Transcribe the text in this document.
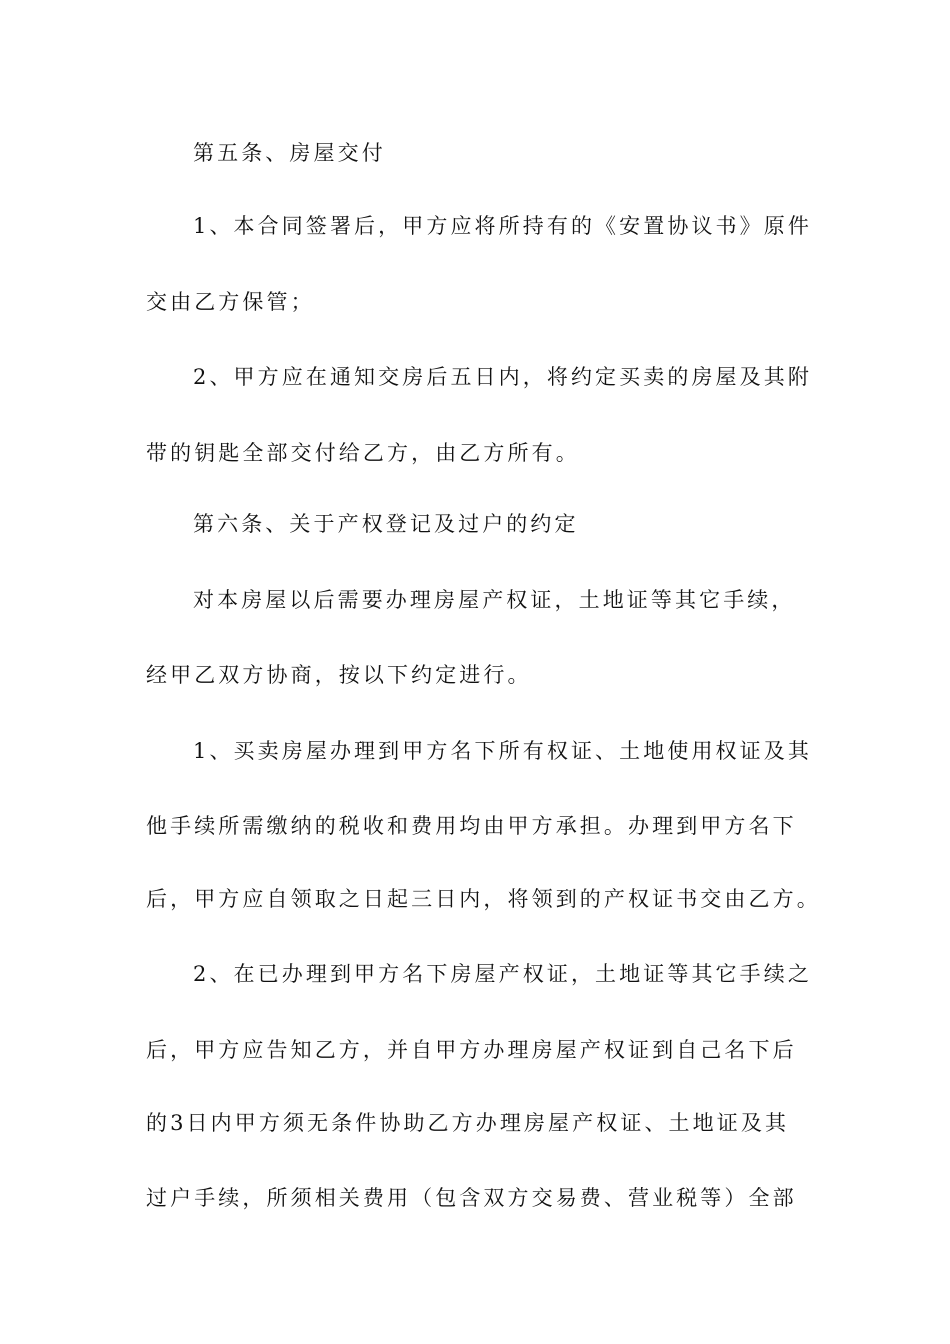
第五条、房屋交付
1、本合同签署后，甲方应将所持有的《安置协议书》原件
交由乙方保管；
2、甲方应在通知交房后五日内，将约定买卖的房屋及其附
带的钥匙全部交付给乙方，由乙方所有。
第六条、关于产权登记及过户的约定
对本房屋以后需要办理房屋产权证，土地证等其它手续，
经甲乙双方协商，按以下约定进行。
1、买卖房屋办理到甲方名下所有权证、土地使用权证及其
他手续所需缴纳的税收和费用均由甲方承担。办理到甲方名下
后，甲方应自领取之日起三日内，将领到的产权证书交由乙方。
2、在已办理到甲方名下房屋产权证，土地证等其它手续之
后，甲方应告知乙方，并自甲方办理房屋产权证到自己名下后
的3日内甲方须无条件协助乙方办理房屋产权证、土地证及其
过户手续，所须相关费用（包含双方交易费、营业税等）全部
